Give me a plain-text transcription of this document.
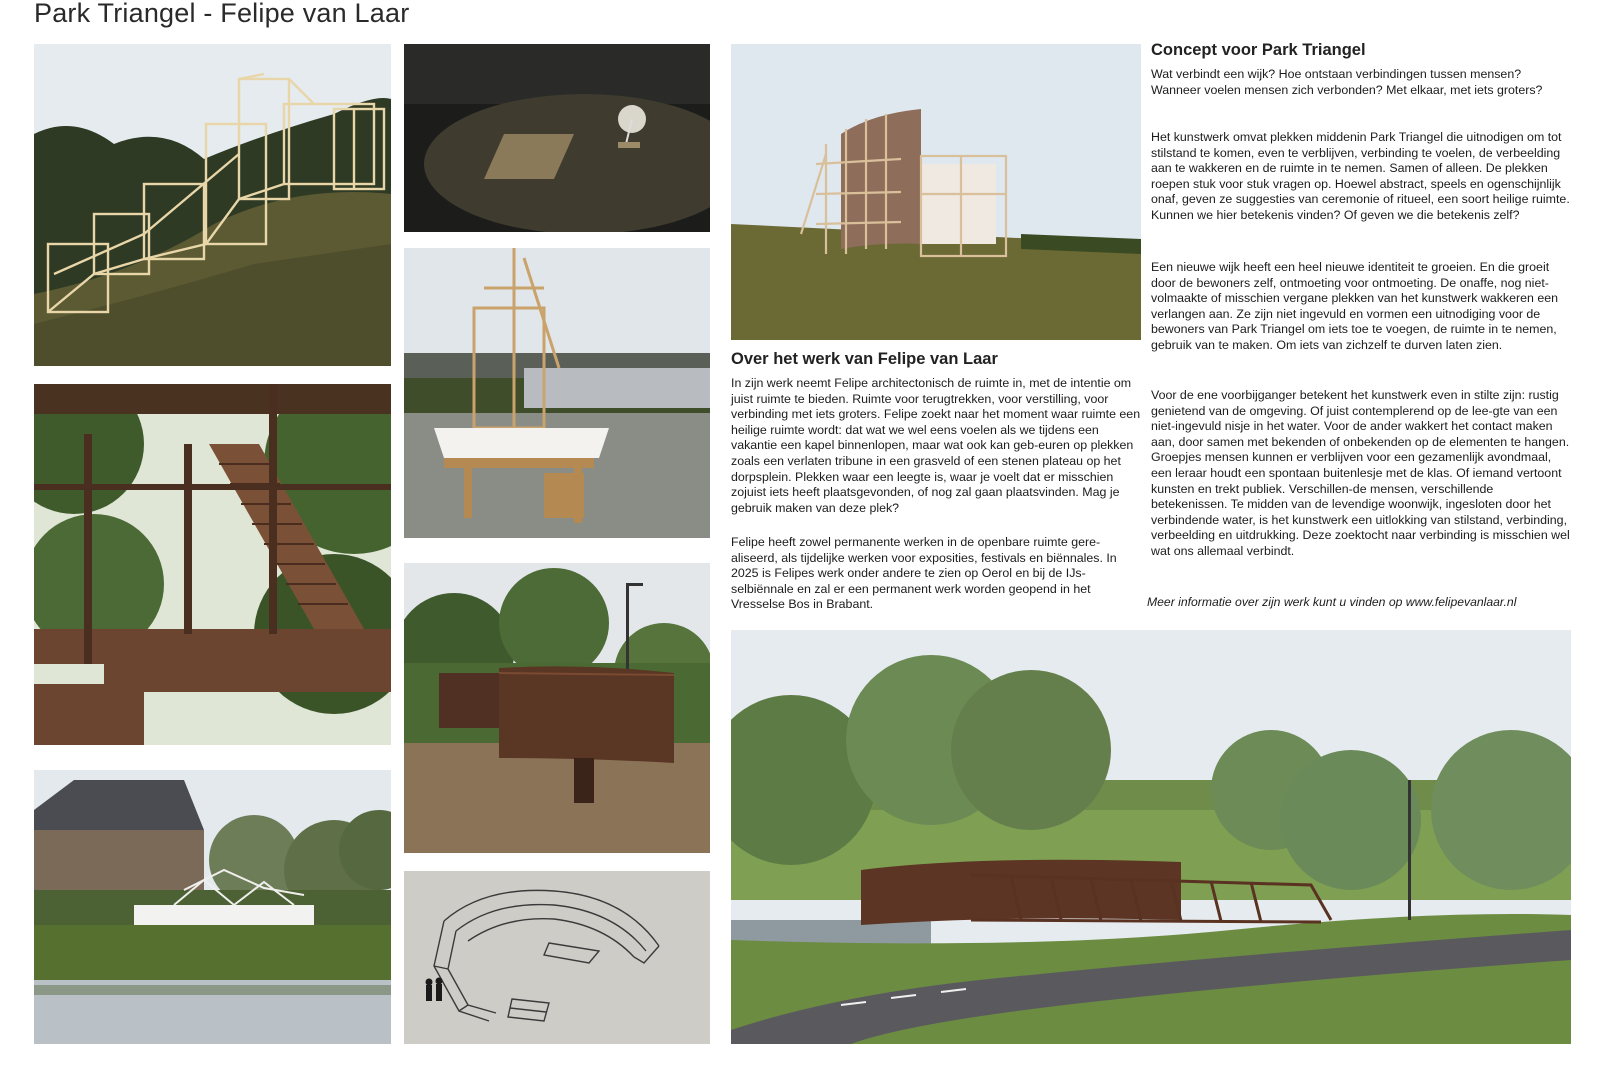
Park Triangel - Felipe van Laar
Over het werk van Felipe van Laar

In zijn werk neemt Felipe architectonisch de ruimte in, met de intentie om juist ruimte te bieden. Ruimte voor terugtrekken, voor verstilling, voor verbinding met iets groters. Felipe zoekt naar het moment waar ruimte een heilige ruimte wordt: dat wat we wel eens voelen als we tijdens een vakantie een kapel binnenlopen, maar wat ook kan geb-euren op plekken zoals een verlaten tribune in een grasveld of een stenen plateau op het dorpsplein. Plekken waar een leegte is, waar je voelt dat er misschien zojuist iets heeft plaatsgevonden, of nog zal gaan plaatsvinden. Mag je gebruik maken van deze plek?

Felipe heeft zowel permanente werken in de openbare ruimte gere-aliseerd, als tijdelijke werken voor exposities, festivals en biënnales. In 2025 is Felipes werk onder andere te zien op Oerol en bij de IJs-selbiënnale en zal er een permanent werk worden geopend in het Vresselse Bos in Brabant.

Concept voor Park Triangel

Wat verbindt een wijk? Hoe ontstaan verbindingen tussen mensen? Wanneer voelen mensen zich verbonden? Met elkaar, met iets groters?

Het kunstwerk omvat plekken middenin Park Triangel die uitnodigen om tot stilstand te komen, even te verblijven, verbinding te voelen, de verbeelding aan te wakkeren en de ruimte in te nemen. Samen of alleen. De plekken roepen stuk voor stuk vragen op. Hoewel abstract, speels en ogenschijnlijk onaf, geven ze suggesties van ceremonie of ritueel, een soort heilige ruimte. Kunnen we hier betekenis vinden? Of geven we die betekenis zelf?

Een nieuwe wijk heeft een heel nieuwe identiteit te groeien. En die groeit door de bewoners zelf, ontmoeting voor ontmoeting. De onaffe, nog niet-volmaakte of misschien vergane plekken van het kunstwerk wakkeren een verlangen aan. Ze zijn niet ingevuld en vormen een uitnodiging voor de bewoners van Park Triangel om iets toe te voegen, de ruimte in te nemen, gebruik van te maken. Om iets van zichzelf te durven laten zien.

Voor de ene voorbijganger betekent het kunstwerk even in stilte zijn: rustig genietend van de omgeving. Of juist contemplerend op de lee-gte van een niet-ingevuld nisje in het water. Voor de ander wakkert het contact maken aan, door samen met bekenden of onbekenden op de elementen te hangen. Groepjes mensen kunnen er verblijven voor een gezamenlijk avondmaal, een leraar houdt een spontaan buitenlesje met de klas. Of iemand vertoont kunsten en trekt publiek. Verschillen-de mensen, verschillende betekenissen. Te midden van de levendige woonwijk, ingesloten door het verbindende water, is het kunstwerk een uitlokking van stilstand, verbinding, verbeelding en uitdrukking. Deze zoektocht naar verbinding is misschien wel wat ons allemaal verbindt.

Meer informatie over zijn werk kunt u vinden op www.felipevanlaar.nl
